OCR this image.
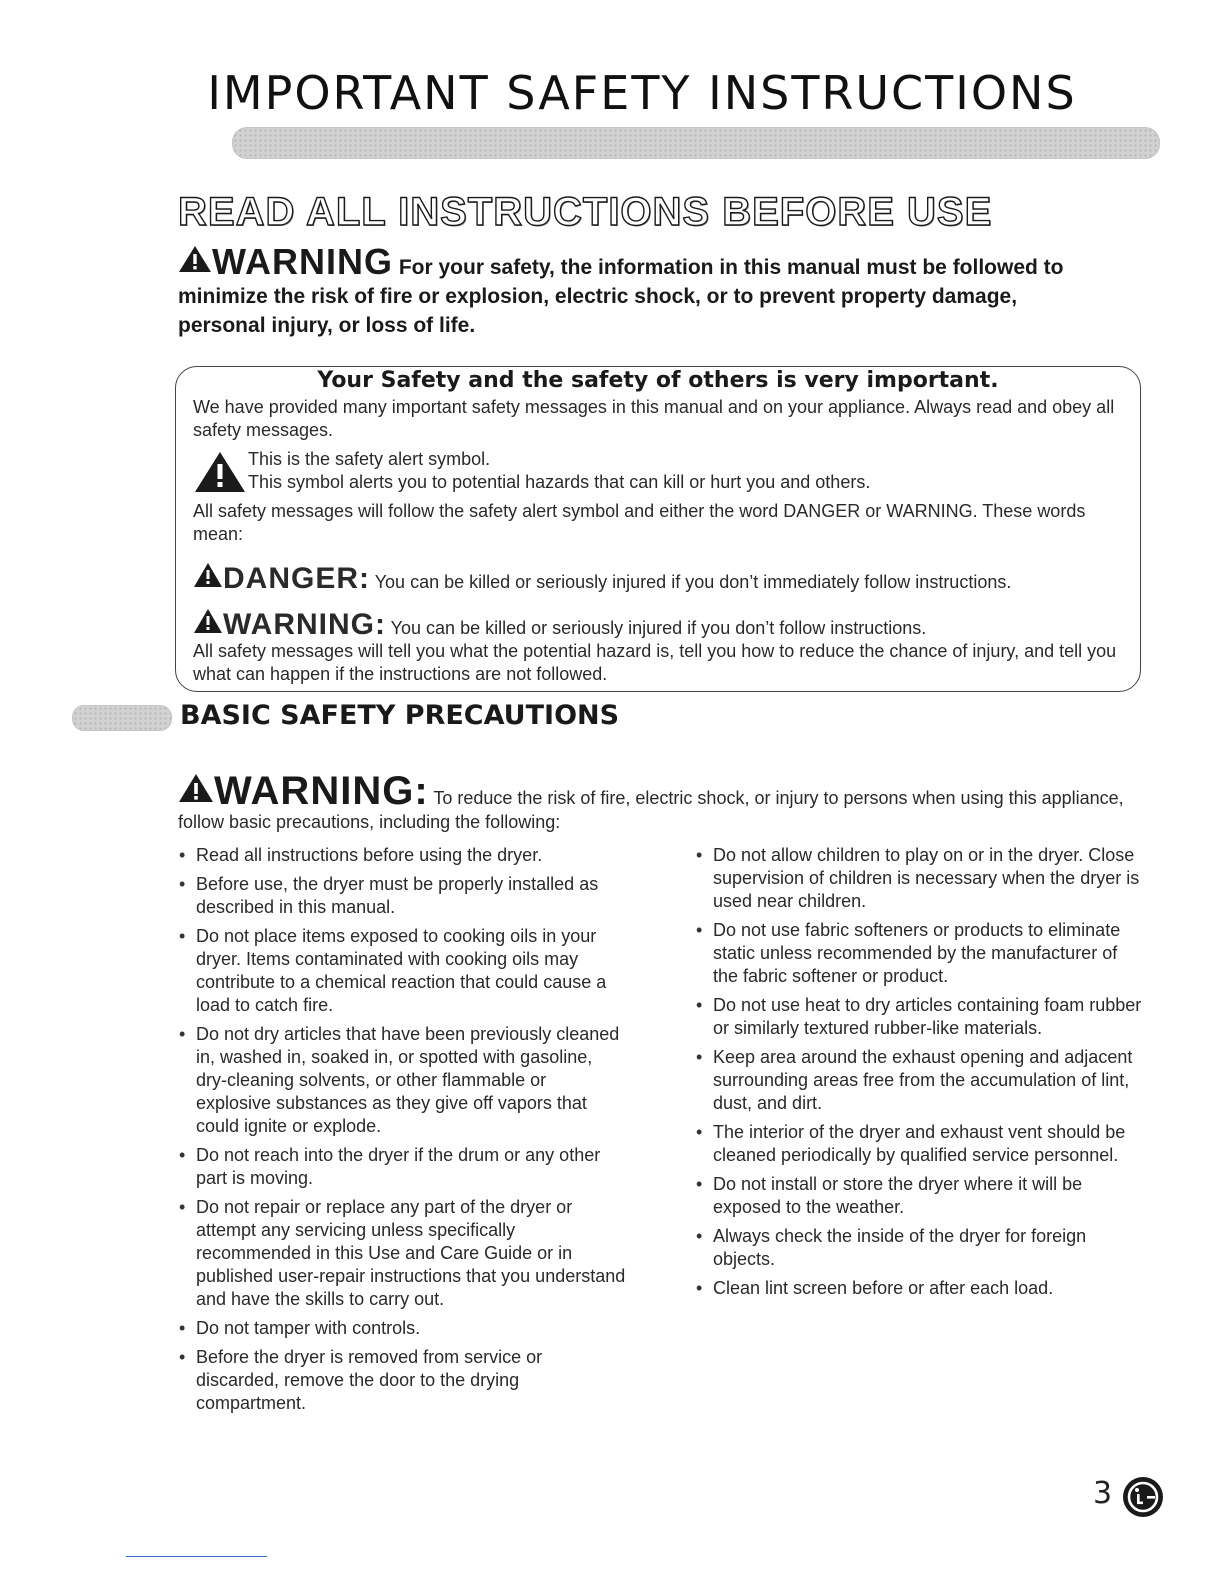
IMPORTANT SAFETY INSTRUCTIONS
READ ALL INSTRUCTIONS BEFORE USE
WARNING For your safety, the information in this manual must be followed to minimize the risk of fire or explosion, electric shock, or to prevent property damage, personal injury, or loss of life.
Your Safety and the safety of others is very important.
We have provided many important safety messages in this manual and on your appliance. Always read and obey all safety messages.
This is the safety alert symbol.
This symbol alerts you to potential hazards that can kill or hurt you and others.
All safety messages will follow the safety alert symbol and either the word DANGER or WARNING. These words mean:
DANGER: You can be killed or seriously injured if you don’t immediately follow instructions.
WARNING: You can be killed or seriously injured if you don’t follow instructions.
All safety messages will tell you what the potential hazard is, tell you how to reduce the chance of injury, and tell you what can happen if the instructions are not followed.
BASIC SAFETY PRECAUTIONS
WARNING: To reduce the risk of fire, electric shock, or injury to persons when using this appliance, follow basic precautions, including the following:
• Read all instructions before using the dryer.
• Before use, the dryer must be properly installed as described in this manual.
• Do not place items exposed to cooking oils in your dryer. Items contaminated with cooking oils may contribute to a chemical reaction that could cause a load to catch fire.
• Do not dry articles that have been previously cleaned in, washed in, soaked in, or spotted with gasoline, dry-cleaning solvents, or other flammable or explosive substances as they give off vapors that could ignite or explode.
• Do not reach into the dryer if the drum or any other part is moving.
• Do not repair or replace any part of the dryer or attempt any servicing unless specifically recommended in this Use and Care Guide or in published user-repair instructions that you understand and have the skills to carry out.
• Do not tamper with controls.
• Before the dryer is removed from service or discarded, remove the door to the drying compartment.
• Do not allow children to play on or in the dryer. Close supervision of children is necessary when the dryer is used near children.
• Do not use fabric softeners or products to eliminate static unless recommended by the manufacturer of the fabric softener or product.
• Do not use heat to dry articles containing foam rubber or similarly textured rubber-like materials.
• Keep area around the exhaust opening and adjacent surrounding areas free from the accumulation of lint, dust, and dirt.
• The interior of the dryer and exhaust vent should be cleaned periodically by qualified service personnel.
• Do not install or store the dryer where it will be exposed to the weather.
• Always check the inside of the dryer for foreign objects.
• Clean lint screen before or after each load.
3
